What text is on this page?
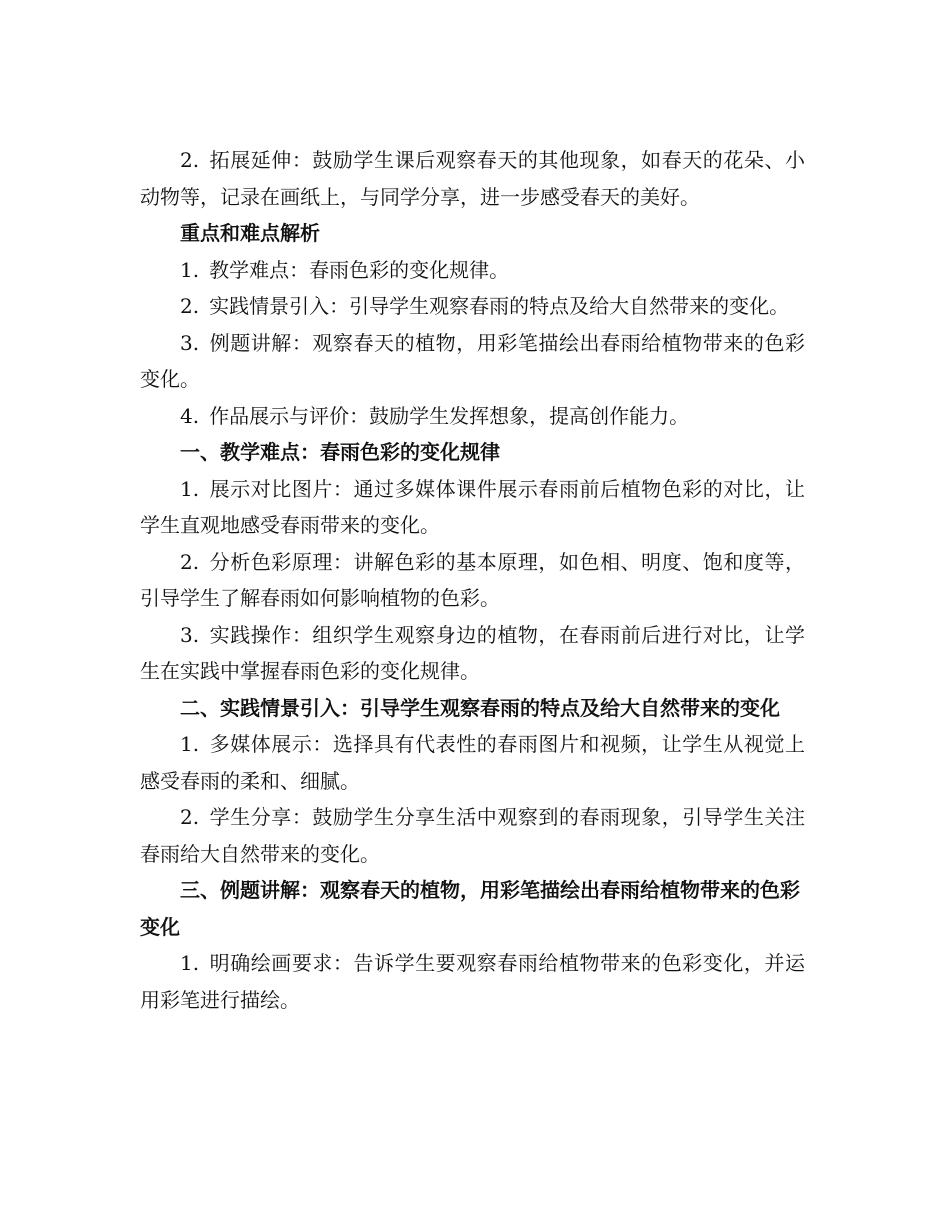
2. 拓展延伸：鼓励学生课后观察春天的其他现象，如春天的花朵、小动物等，记录在画纸上，与同学分享，进一步感受春天的美好。

重点和难点解析

1. 教学难点：春雨色彩的变化规律。

2. 实践情景引入：引导学生观察春雨的特点及给大自然带来的变化。

3. 例题讲解：观察春天的植物，用彩笔描绘出春雨给植物带来的色彩变化。

4. 作品展示与评价：鼓励学生发挥想象，提高创作能力。

一、教学难点：春雨色彩的变化规律

1. 展示对比图片：通过多媒体课件展示春雨前后植物色彩的对比，让学生直观地感受春雨带来的变化。

2. 分析色彩原理：讲解色彩的基本原理，如色相、明度、饱和度等，引导学生了解春雨如何影响植物的色彩。

3. 实践操作：组织学生观察身边的植物，在春雨前后进行对比，让学生在实践中掌握春雨色彩的变化规律。

二、实践情景引入：引导学生观察春雨的特点及给大自然带来的变化

1. 多媒体展示：选择具有代表性的春雨图片和视频，让学生从视觉上感受春雨的柔和、细腻。

2. 学生分享：鼓励学生分享生活中观察到的春雨现象，引导学生关注春雨给大自然带来的变化。

三、例题讲解：观察春天的植物，用彩笔描绘出春雨给植物带来的色彩变化

1. 明确绘画要求：告诉学生要观察春雨给植物带来的色彩变化，并运用彩笔进行描绘。
